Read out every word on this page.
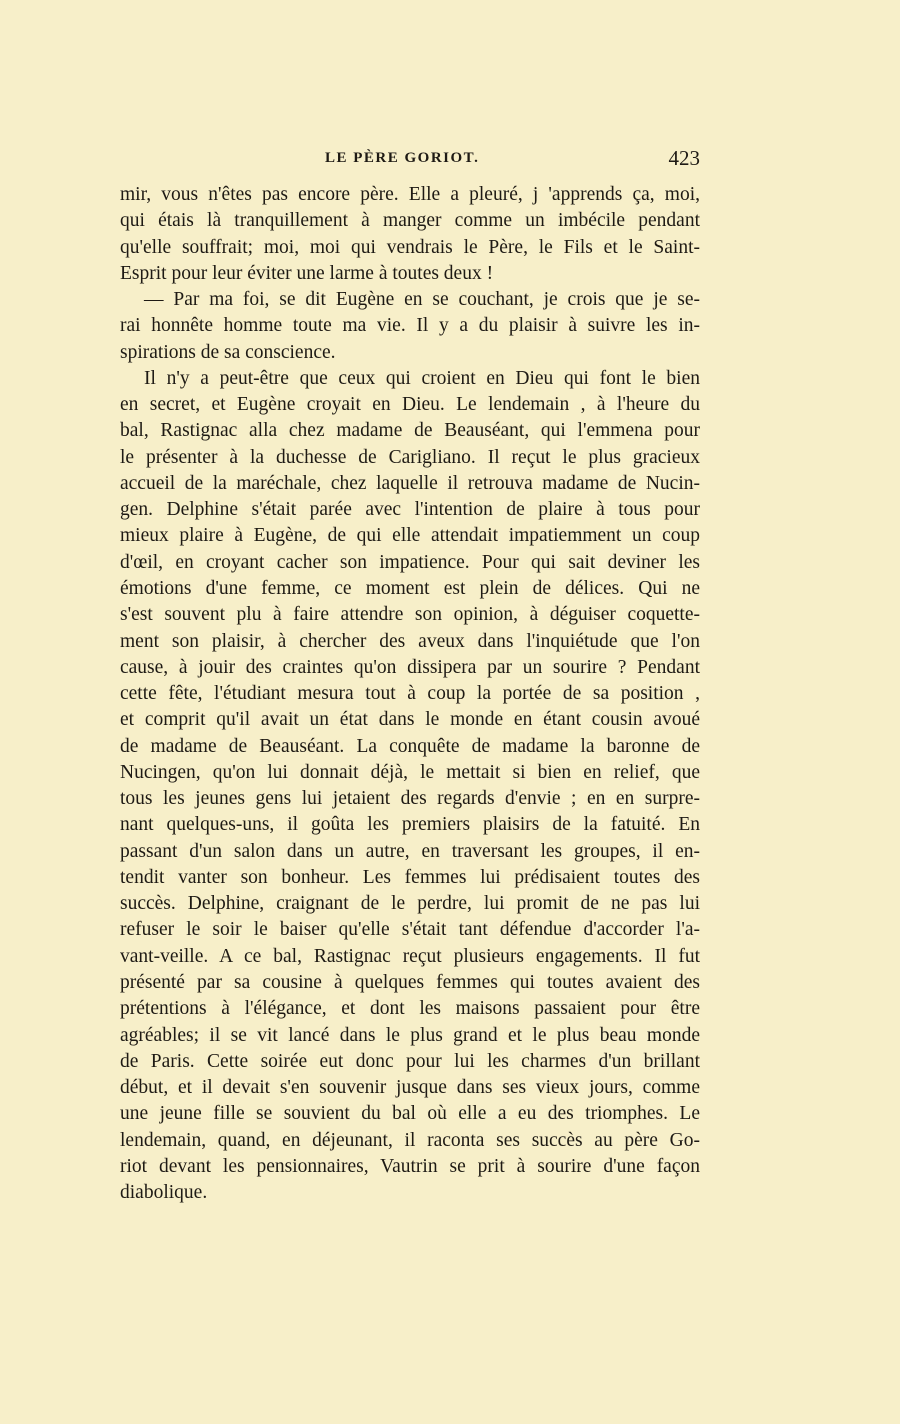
LE PÈRE GORIOT.	423
mir, vous n'êtes pas encore père. Elle a pleuré, j 'apprends ça, moi,
qui étais là tranquillement à manger comme un imbécile pendant
qu'elle souffrait; moi, moi qui vendrais le Père, le Fils et le Saint-
Esprit pour leur éviter une larme à toutes deux !
— Par ma foi, se dit Eugène en se couchant, je crois que je se-
rai honnête homme toute ma vie. Il y a du plaisir à suivre les in-
spirations de sa conscience.
Il n'y a peut-être que ceux qui croient en Dieu qui font le bien
en secret, et Eugène croyait en Dieu. Le lendemain , à l'heure du
bal, Rastignac alla chez madame de Beauséant, qui l'emmena pour
le présenter à la duchesse de Carigliano. Il reçut le plus gracieux
accueil de la maréchale, chez laquelle il retrouva madame de Nucin-
gen. Delphine s'était parée avec l'intention de plaire à tous pour
mieux plaire à Eugène, de qui elle attendait impatiemment un coup
d'œil, en croyant cacher son impatience. Pour qui sait deviner les
émotions d'une femme, ce moment est plein de délices. Qui ne
s'est souvent plu à faire attendre son opinion, à déguiser coquette-
ment son plaisir, à chercher des aveux dans l'inquiétude que l'on
cause, à jouir des craintes qu'on dissipera par un sourire ? Pendant
cette fête, l'étudiant mesura tout à coup la portée de sa position ,
et comprit qu'il avait un état dans le monde en étant cousin avoué
de madame de Beauséant. La conquête de madame la baronne de
Nucingen, qu'on lui donnait déjà, le mettait si bien en relief, que
tous les jeunes gens lui jetaient des regards d'envie ; en en surpre-
nant quelques-uns, il goûta les premiers plaisirs de la fatuité. En
passant d'un salon dans un autre, en traversant les groupes, il en-
tendit vanter son bonheur. Les femmes lui prédisaient toutes des
succès. Delphine, craignant de le perdre, lui promit de ne pas lui
refuser le soir le baiser qu'elle s'était tant défendue d'accorder l'a-
vant-veille. A ce bal, Rastignac reçut plusieurs engagements. Il fut
présenté par sa cousine à quelques femmes qui toutes avaient des
prétentions à l'élégance, et dont les maisons passaient pour être
agréables; il se vit lancé dans le plus grand et le plus beau monde
de Paris. Cette soirée eut donc pour lui les charmes d'un brillant
début, et il devait s'en souvenir jusque dans ses vieux jours, comme
une jeune fille se souvient du bal où elle a eu des triomphes. Le
lendemain, quand, en déjeunant, il raconta ses succès au père Go-
riot devant les pensionnaires, Vautrin se prit à sourire d'une façon
diabolique.
